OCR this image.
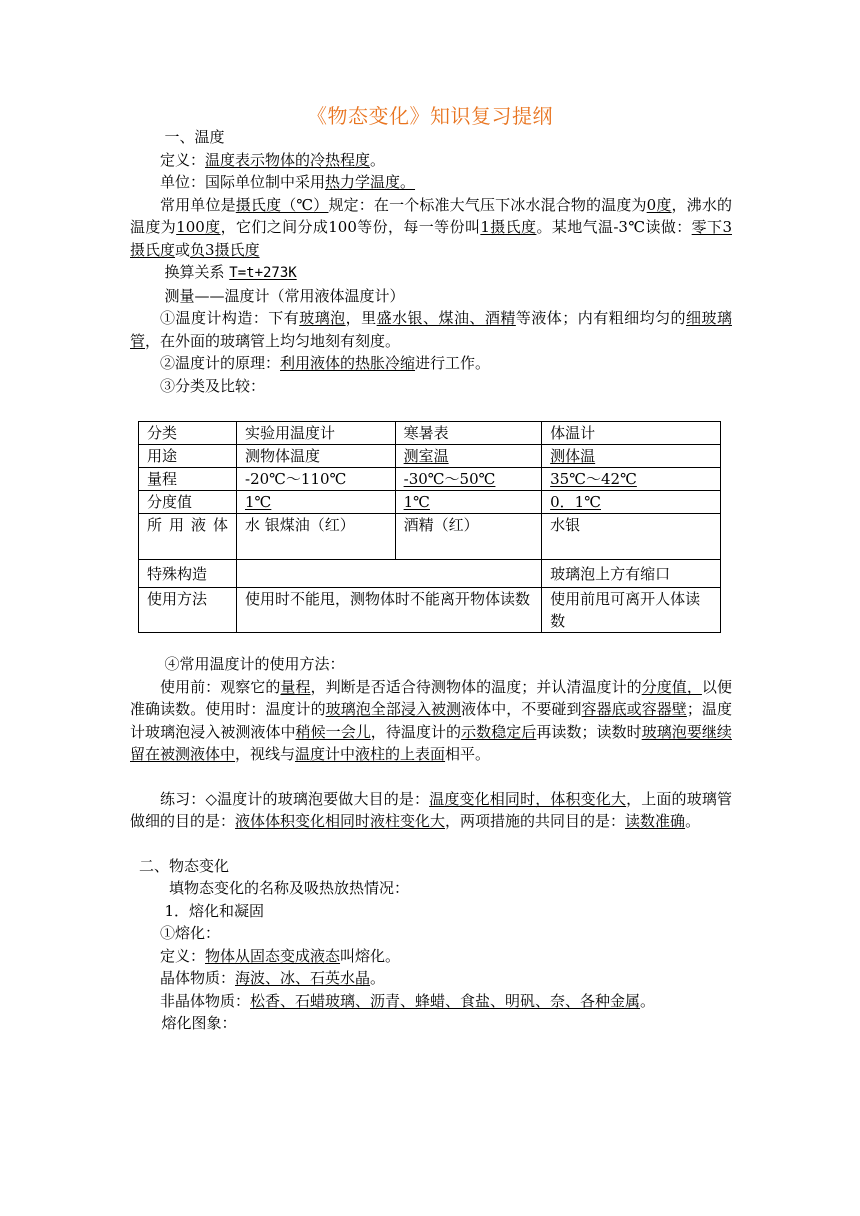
《物态变化》知识复习提纲

一、温度

定义：温度表示物体的冷热程度。

单位：国际单位制中采用热力学温度。

常用单位是摄氏度（℃）规定：在一个标准大气压下冰水混合物的温度为0度，沸水的温度为100度，它们之间分成100等份，每一等份叫1摄氏度。某地气温-3℃读做：零下3摄氏度或负3摄氏度

换算关系 T=t+273K

测量——温度计（常用液体温度计）

①温度计构造：下有玻璃泡，里盛水银、煤油、酒精等液体；内有粗细均匀的细玻璃管，在外面的玻璃管上均匀地刻有刻度。

②温度计的原理：利用液体的热胀冷缩进行工作。

③分类及比较：

分类	实验用温度计	寒暑表	体温计
用途	测物体温度	测室温	测体温
量程	-20℃～110℃	-30℃～50℃	35℃～42℃
分度值	1℃	1℃	0．1℃
所 用 液 体	水 银煤油（红）	酒精（红）	水银
特殊构造			玻璃泡上方有缩口
使用方法	使用时不能甩，测物体时不能离开物体读数		使用前甩可离开人体读数

④常用温度计的使用方法：

使用前：观察它的量程，判断是否适合待测物体的温度；并认清温度计的分度值，以便准确读数。使用时：温度计的玻璃泡全部浸入被测液体中，不要碰到容器底或容器壁；温度计玻璃泡浸入被测液体中稍候一会儿，待温度计的示数稳定后再读数；读数时玻璃泡要继续留在被测液体中，视线与温度计中液柱的上表面相平。

练习：◇温度计的玻璃泡要做大目的是：温度变化相同时，体积变化大，上面的玻璃管做细的目的是：液体体积变化相同时液柱变化大，两项措施的共同目的是：读数准确。

二、物态变化

填物态变化的名称及吸热放热情况：

1．熔化和凝固

①熔化：

定义：物体从固态变成液态叫熔化。

晶体物质：海波、冰、石英水晶。

非晶体物质：松香、石蜡玻璃、沥青、蜂蜡、食盐、明矾、奈、各种金属。

熔化图象：
